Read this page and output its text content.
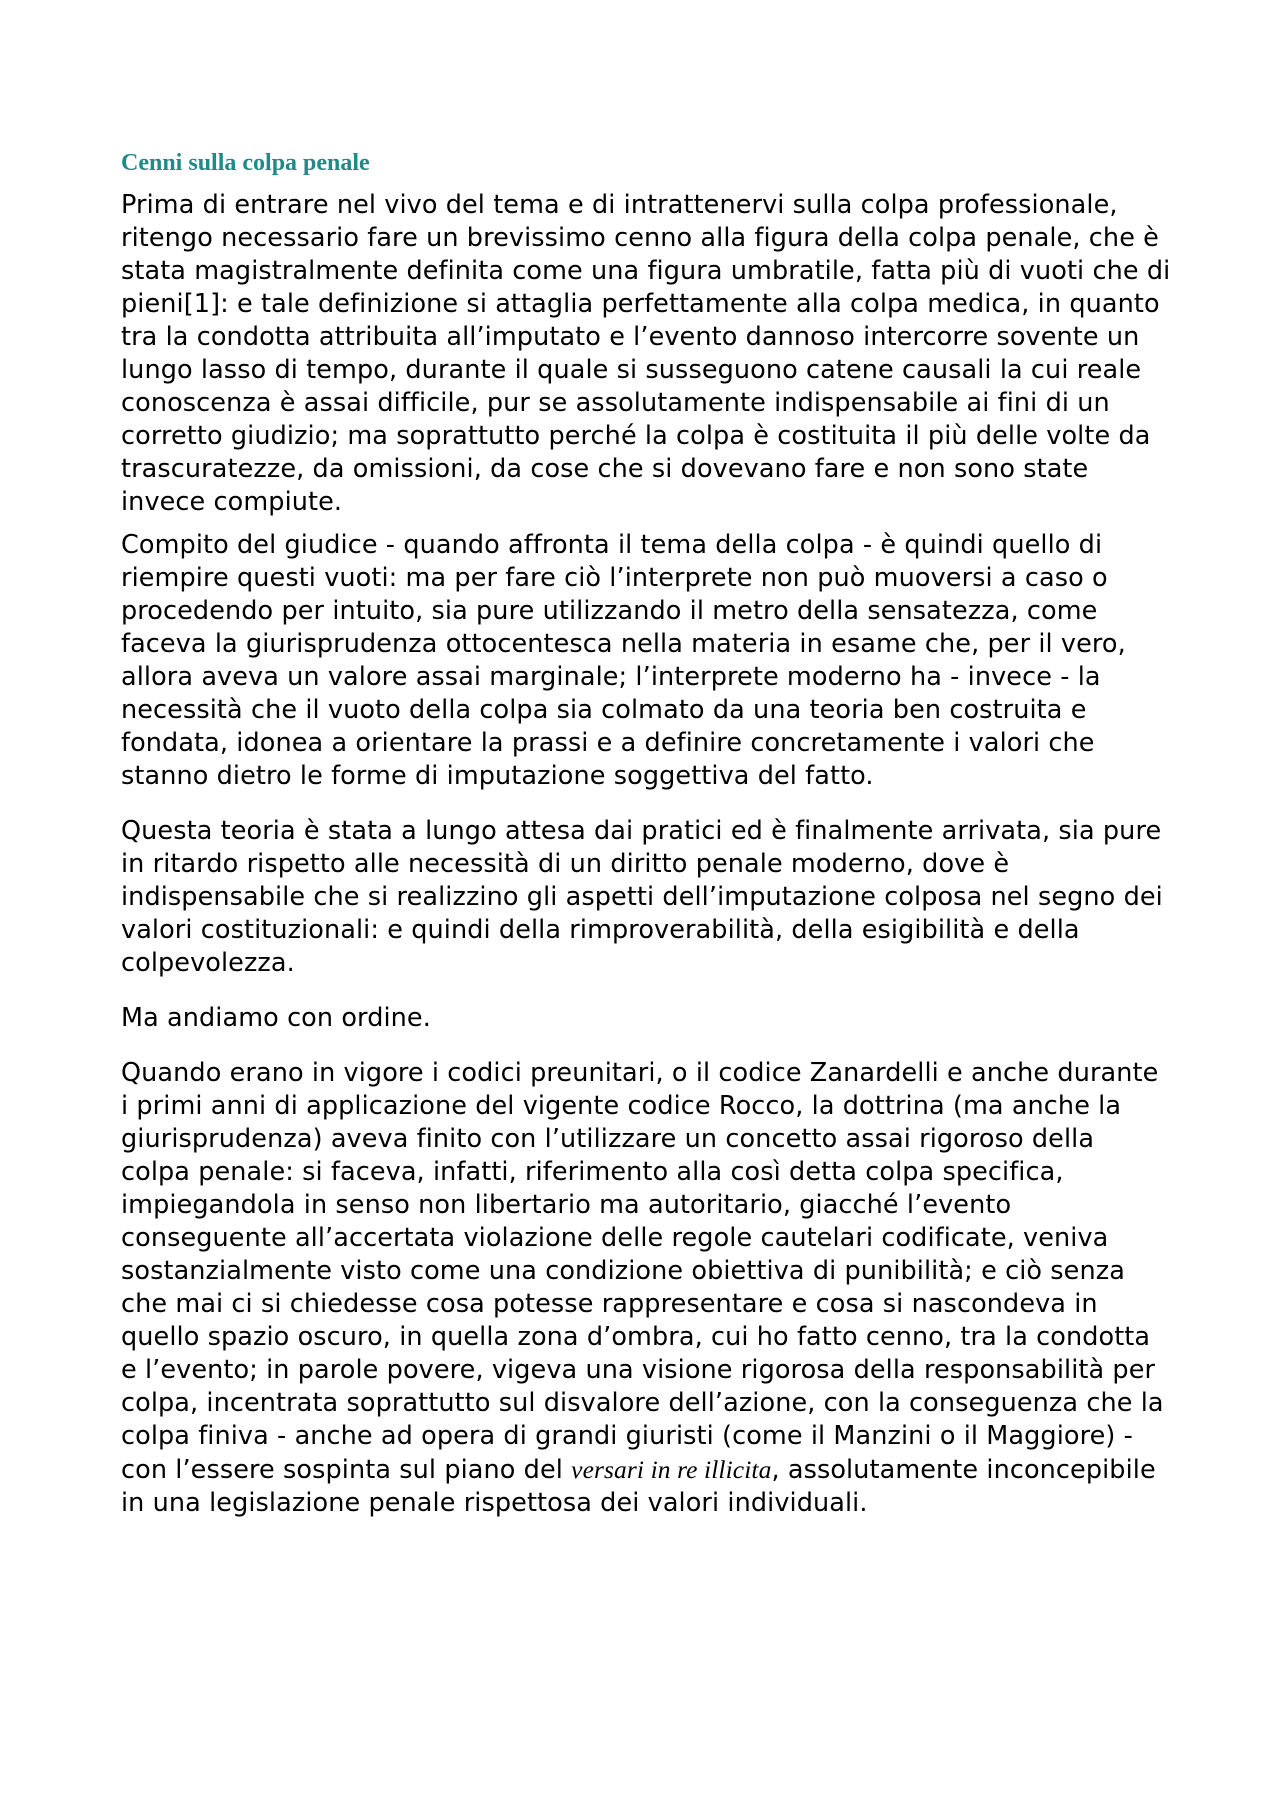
Cenni sulla colpa penale

Prima di entrare nel vivo del tema e di intrattenervi sulla colpa professionale, ritengo necessario fare un brevissimo cenno alla figura della colpa penale, che è stata magistralmente definita come una figura umbratile, fatta più di vuoti che di pieni[1]: e tale definizione si attaglia perfettamente alla colpa medica, in quanto tra la condotta attribuita all’imputato e l’evento dannoso intercorre sovente un lungo lasso di tempo, durante il quale si susseguono catene causali la cui reale conoscenza è assai difficile, pur se assolutamente indispensabile ai fini di un corretto giudizio; ma soprattutto perché la colpa è costituita il più delle volte da trascuratezze, da omissioni, da cose che si dovevano fare e non sono state invece compiute.

Compito del giudice - quando affronta il tema della colpa - è quindi quello di riempire questi vuoti: ma per fare ciò l’interprete non può muoversi a caso o procedendo per intuito, sia pure utilizzando il metro della sensatezza, come faceva la giurisprudenza ottocentesca nella materia in esame che, per il vero, allora aveva un valore assai marginale; l’interprete moderno ha - invece - la necessità che il vuoto della colpa sia colmato da una teoria ben costruita e fondata, idonea a orientare la prassi e a definire concretamente i valori che stanno dietro le forme di imputazione soggettiva del fatto.

Questa teoria è stata a lungo attesa dai pratici ed è finalmente arrivata, sia pure in ritardo rispetto alle necessità di un diritto penale moderno, dove è indispensabile che si realizzino gli aspetti dell’imputazione colposa nel segno dei valori costituzionali: e quindi della rimproverabilità, della esigibilità e della colpevolezza.

Ma andiamo con ordine.

Quando erano in vigore i codici preunitari, o il codice Zanardelli e anche durante i primi anni di applicazione del vigente codice Rocco, la dottrina (ma anche la giurisprudenza) aveva finito con l’utilizzare un concetto assai rigoroso della colpa penale: si faceva, infatti, riferimento alla così detta colpa specifica, impiegandola in senso non libertario ma autoritario, giacché l’evento conseguente all’accertata violazione delle regole cautelari codificate, veniva sostanzialmente visto come una condizione obiettiva di punibilità; e ciò senza che mai ci si chiedesse cosa potesse rappresentare e cosa si nascondeva in quello spazio oscuro, in quella zona d’ombra, cui ho fatto cenno, tra la condotta e l’evento; in parole povere, vigeva una visione rigorosa della responsabilità per colpa, incentrata soprattutto sul disvalore dell’azione, con la conseguenza che la colpa finiva - anche ad opera di grandi giuristi (come il Manzini o il Maggiore) - con l’essere sospinta sul piano del versari in re illicita, assolutamente inconcepibile in una legislazione penale rispettosa dei valori individuali.
